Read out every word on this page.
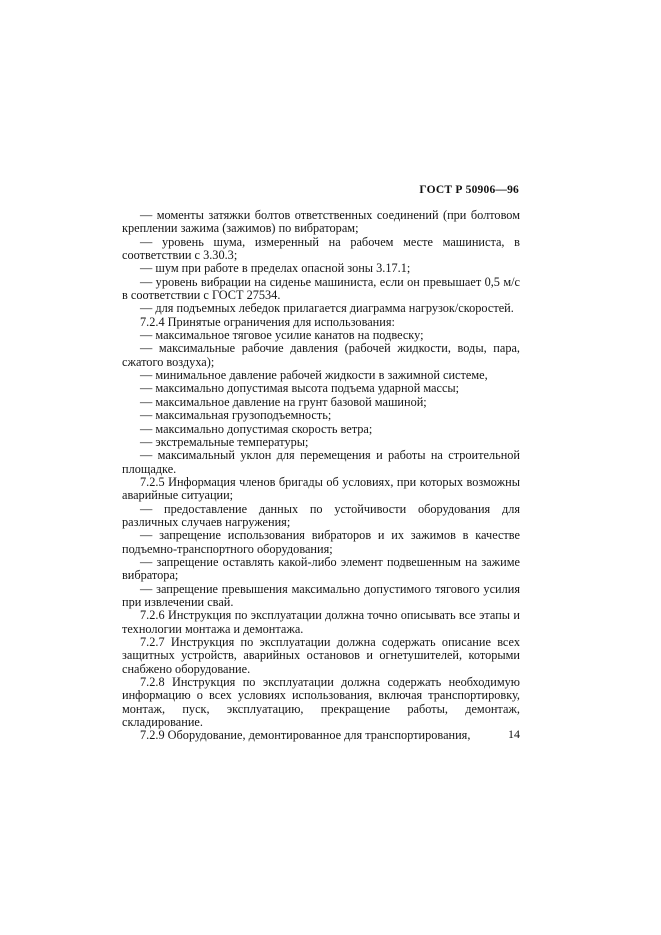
ГОСТ Р 50906—96

— моменты затяжки болтов ответственных соединений (при болтовом креплении зажима (зажимов) по вибраторам;

— уровень шума, измеренный на рабочем месте машиниста, в соответствии с 3.30.3;

— шум при работе в пределах опасной зоны 3.17.1;

— уровень вибрации на сиденье машиниста, если он превышает 0,5 м/с в соответствии с ГОСТ 27534.

— для подъемных лебедок прилагается диаграмма нагрузок/скоростей.

7.2.4 Принятые ограничения для использования:

— максимальное тяговое усилие канатов на подвеску;

— максимальные рабочие давления (рабочей жидкости, воды, пара, сжатого воздуха);

— минимальное давление рабочей жидкости в зажимной системе,

— максимально допустимая высота подъема ударной массы;

— максимальное давление на грунт базовой машиной;

— максимальная грузоподъемность;

— максимально допустимая скорость ветра;

— экстремальные температуры;

— максимальный уклон для перемещения и работы на строительной площадке.

7.2.5 Информация членов бригады об условиях, при которых возможны аварийные ситуации;

— предоставление данных по устойчивости оборудования для различных случаев нагружения;

— запрещение использования вибраторов и их зажимов в качестве подъемно-транспортного оборудования;

— запрещение оставлять какой-либо элемент подвешенным на зажиме вибратора;

— запрещение превышения максимально допустимого тягового усилия при извлечении свай.

7.2.6 Инструкция по эксплуатации должна точно описывать все этапы и технологии монтажа и демонтажа.

7.2.7 Инструкция по эксплуатации должна содержать описание всех защитных устройств, аварийных остановов и огнетушителей, которыми снабжено оборудование.

7.2.8 Инструкция по эксплуатации должна содержать необходимую информацию о всех условиях использования, включая транспортировку, монтаж, пуск, эксплуатацию, прекращение работы, демонтаж, складирование.

7.2.9 Оборудование, демонтированное для транспортирования,	14
